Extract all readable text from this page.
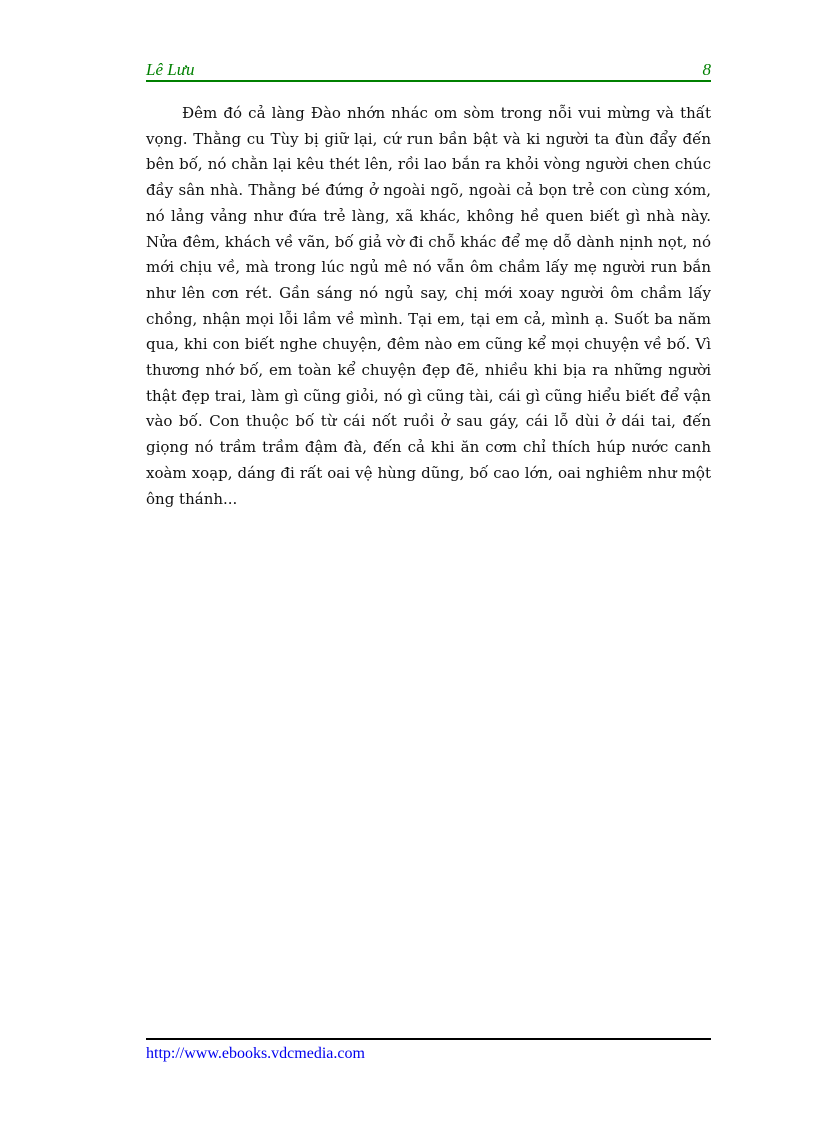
Lê Lưu	8

Đêm đó cả làng Đào nhớn nhác om sòm trong nỗi vui mừng và thất vọng. Thằng cu Tùy bị giữ lại, cứ run bần bật và ki người ta đùn đẩy đến bên bố, nó chằn lại kêu thét lên, rồi lao bắn ra khỏi vòng người chen chúc đầy sân nhà. Thằng bé đứng ở ngoài ngõ, ngoài cả bọn trẻ con cùng xóm, nó lảng vảng như đứa trẻ làng, xã khác, không hề quen biết gì nhà này. Nửa đêm, khách về vãn, bố giả vờ đi chỗ khác để mẹ dỗ dành nịnh nọt, nó mới chịu về, mà trong lúc ngủ mê nó vẫn ôm chầm lấy mẹ người run bắn như lên cơn rét. Gần sáng nó ngủ say, chị mới xoay người ôm chầm lấy chồng, nhận mọi lỗi lầm về mình. Tại em, tại em cả, mình ạ. Suốt ba năm qua, khi con biết nghe chuyện, đêm nào em cũng kể mọi chuyện về bố. Vì thương nhớ bố, em toàn kể chuyện đẹp đẽ, nhiều khi bịa ra những người thật đẹp trai, làm gì cũng giỏi, nó gì cũng tài, cái gì cũng hiểu biết để vận vào bố. Con thuộc bố từ cái nốt ruồi ở sau gáy, cái lỗ dùi ở dái tai, đến giọng nó trầm trầm đậm đà, đến cả khi ăn cơm chỉ thích húp nước canh xoàm xoạp, dáng đi rất oai vệ hùng dũng, bố cao lớn, oai nghiêm như một ông thánh...

http://www.ebooks.vdcmedia.com
